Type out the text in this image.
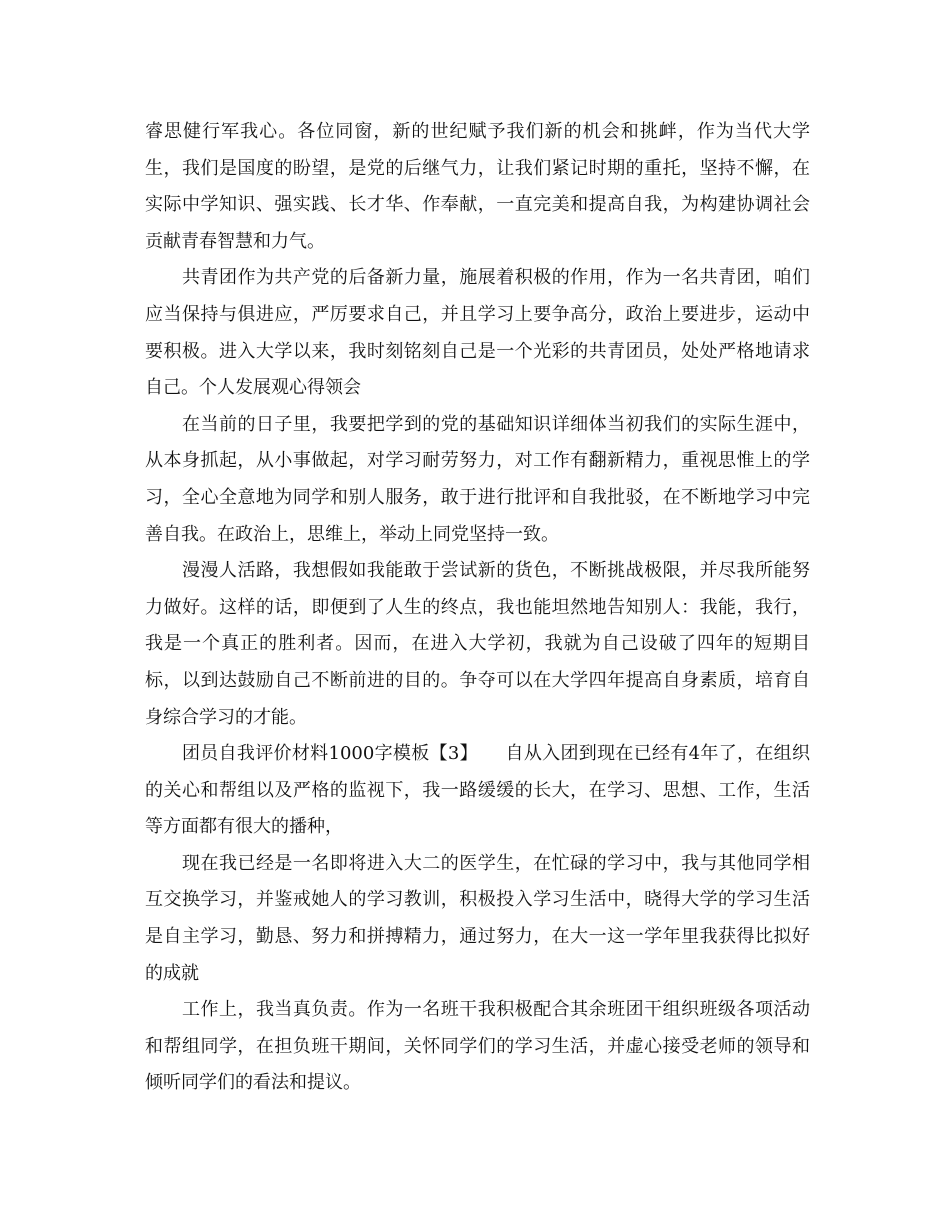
睿思健行军我心。各位同窗，新的世纪赋予我们新的机会和挑衅，作为当代大学生，我们是国度的盼望，是党的后继气力，让我们紧记时期的重托，坚持不懈，在实际中学知识、强实践、长才华、作奉献，一直完美和提高自我，为构建协调社会贡献青春智慧和力气。

共青团作为共产党的后备新力量，施展着积极的作用，作为一名共青团，咱们应当保持与俱进应，严厉要求自己，并且学习上要争高分，政治上要进步，运动中要积极。进入大学以来，我时刻铭刻自己是一个光彩的共青团员，处处严格地请求自己。个人发展观心得领会

在当前的日子里，我要把学到的党的基础知识详细体当初我们的实际生涯中，从本身抓起，从小事做起，对学习耐劳努力，对工作有翻新精力，重视思惟上的学习，全心全意地为同学和别人服务，敢于进行批评和自我批驳，在不断地学习中完善自我。在政治上，思维上，举动上同党坚持一致。

漫漫人活路，我想假如我能敢于尝试新的货色，不断挑战极限，并尽我所能努力做好。这样的话，即便到了人生的终点，我也能坦然地告知别人：我能，我行，我是一个真正的胜利者。因而，在进入大学初，我就为自己设破了四年的短期目标，以到达鼓励自己不断前进的目的。争夺可以在大学四年提高自身素质，培育自身综合学习的才能。

团员自我评价材料1000字模板【3】　　自从入团到现在已经有4年了，在组织的关心和帮组以及严格的监视下，我一路缓缓的长大，在学习、思想、工作，生活等方面都有很大的播种，

现在我已经是一名即将进入大二的医学生，在忙碌的学习中，我与其他同学相互交换学习，并鉴戒她人的学习教训，积极投入学习生活中，晓得大学的学习生活是自主学习，勤恳、努力和拼搏精力，通过努力，在大一这一学年里我获得比拟好的成就

工作上，我当真负责。作为一名班干我积极配合其余班团干组织班级各项活动和帮组同学，在担负班干期间，关怀同学们的学习生活，并虚心接受老师的领导和倾听同学们的看法和提议。
